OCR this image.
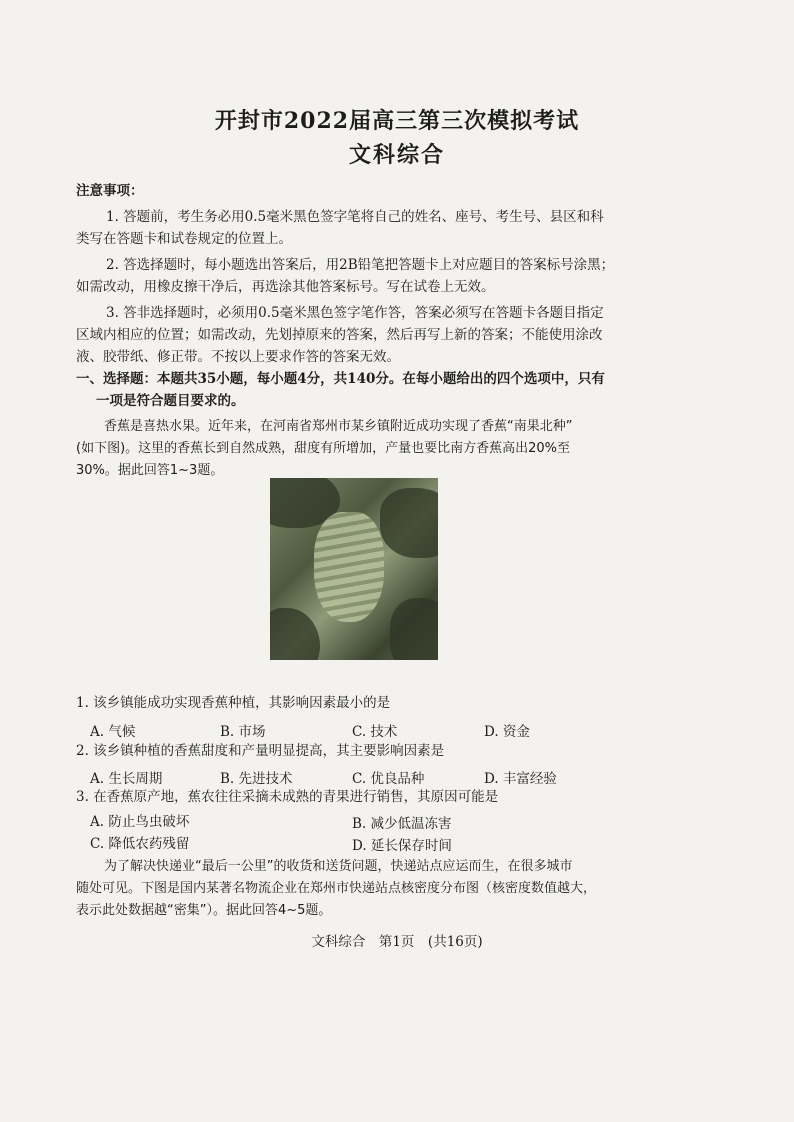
开封市2022届高三第三次模拟考试
文科综合
注意事项：
1. 答题前，考生务必用0.5毫米黑色签字笔将自己的姓名、座号、考生号、县区和科
类写在答题卡和试卷规定的位置上。
2. 答选择题时，每小题选出答案后，用2B铅笔把答题卡上对应题目的答案标号涂黑；
如需改动，用橡皮擦干净后，再选涂其他答案标号。写在试卷上无效。
3. 答非选择题时，必须用0.5毫米黑色签字笔作答，答案必须写在答题卡各题目指定
区域内相应的位置；如需改动，先划掉原来的答案，然后再写上新的答案；不能使用涂改
液、胶带纸、修正带。不按以上要求作答的答案无效。
一、选择题：本题共35小题，每小题4分，共140分。在每小题给出的四个选项中，只有
一项是符合题目要求的。
香蕉是喜热水果。近年来，在河南省郑州市某乡镇附近成功实现了香蕉“南果北种”
(如下图)。这里的香蕉长到自然成熟，甜度有所增加，产量也要比南方香蕉高出20%至
30%。据此回答1~3题。
1. 该乡镇能成功实现香蕉种植，其影响因素最小的是
A. 气候	B. 市场	C. 技术	D. 资金
2. 该乡镇种植的香蕉甜度和产量明显提高，其主要影响因素是
A. 生长周期	B. 先进技术	C. 优良品种	D. 丰富经验
3. 在香蕉原产地，蕉农往往采摘未成熟的青果进行销售，其原因可能是
A. 防止鸟虫破坏	B. 减少低温冻害
C. 降低农药残留	D. 延长保存时间
为了解决快递业“最后一公里”的收货和送货问题，快递站点应运而生，在很多城市
随处可见。下图是国内某著名物流企业在郑州市快递站点核密度分布图（核密度数值越大，
表示此处数据越“密集”）。据此回答4~5题。
文科综合　第1页　(共16页)
